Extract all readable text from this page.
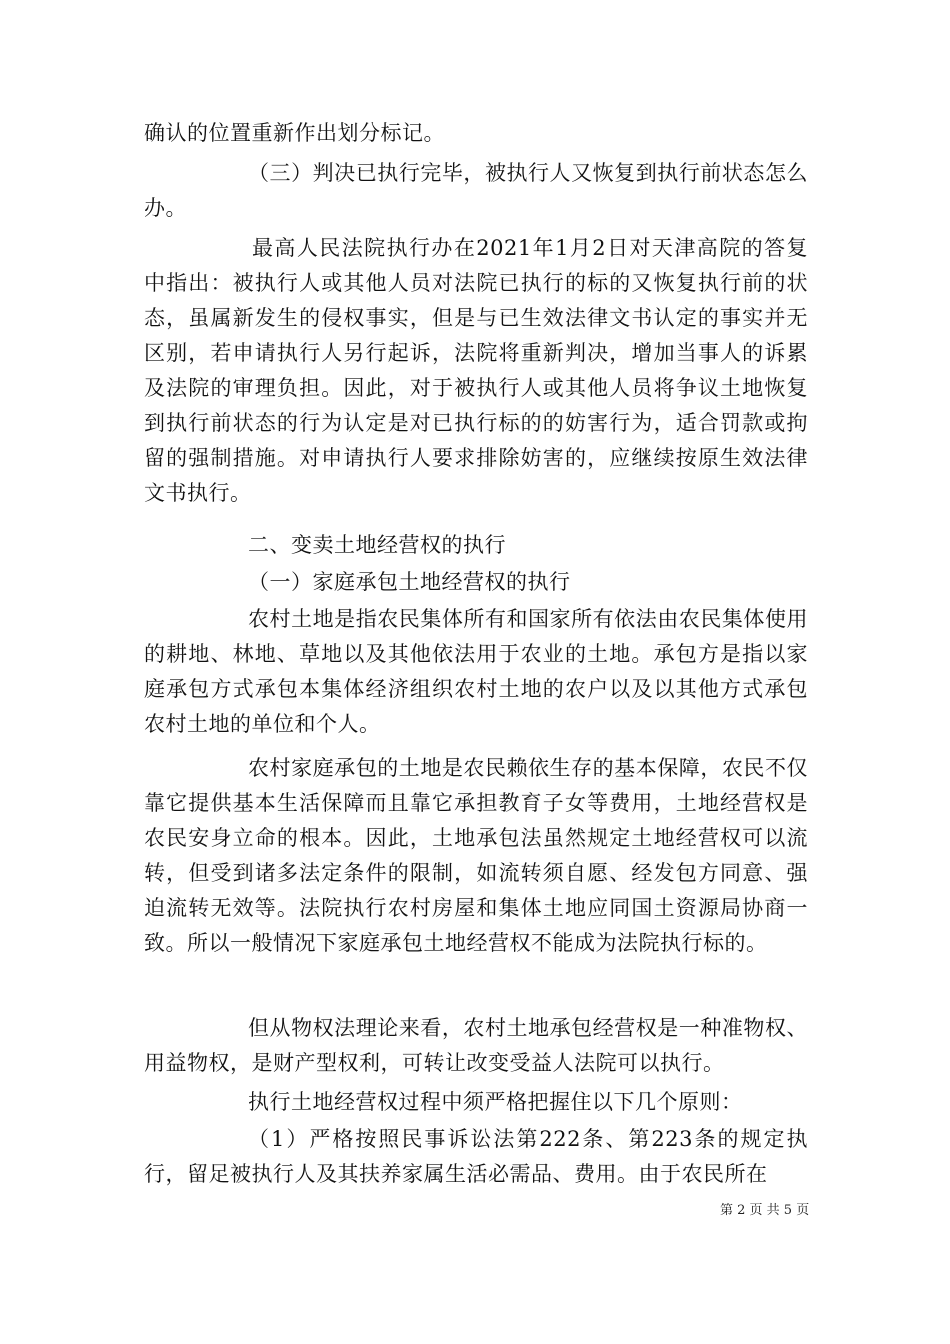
确认的位置重新作出划分标记。

（三）判决已执行完毕，被执行人又恢复到执行前状态怎么办。

最高人民法院执行办在2021年1月2日对天津高院的答复中指出：被执行人或其他人员对法院已执行的标的又恢复执行前的状态，虽属新发生的侵权事实，但是与已生效法律文书认定的事实并无区别，若申请执行人另行起诉，法院将重新判决，增加当事人的诉累及法院的审理负担。因此，对于被执行人或其他人员将争议土地恢复到执行前状态的行为认定是对已执行标的的妨害行为，适合罚款或拘留的强制措施。对申请执行人要求排除妨害的，应继续按原生效法律文书执行。

二、变卖土地经营权的执行

（一）家庭承包土地经营权的执行

农村土地是指农民集体所有和国家所有依法由农民集体使用的耕地、林地、草地以及其他依法用于农业的土地。承包方是指以家庭承包方式承包本集体经济组织农村土地的农户以及以其他方式承包农村土地的单位和个人。

农村家庭承包的土地是农民赖依生存的基本保障，农民不仅靠它提供基本生活保障而且靠它承担教育子女等费用，土地经营权是农民安身立命的根本。因此，土地承包法虽然规定土地经营权可以流转，但受到诸多法定条件的限制，如流转须自愿、经发包方同意、强迫流转无效等。法院执行农村房屋和集体土地应同国土资源局协商一致。所以一般情况下家庭承包土地经营权不能成为法院执行标的。

但从物权法理论来看，农村土地承包经营权是一种准物权、用益物权，是财产型权利，可转让改变受益人法院可以执行。

执行土地经营权过程中须严格把握住以下几个原则：

（1）严格按照民事诉讼法第222条、第223条的规定执行，留足被执行人及其扶养家属生活必需品、费用。由于农民所在

第 2 页 共 5 页
